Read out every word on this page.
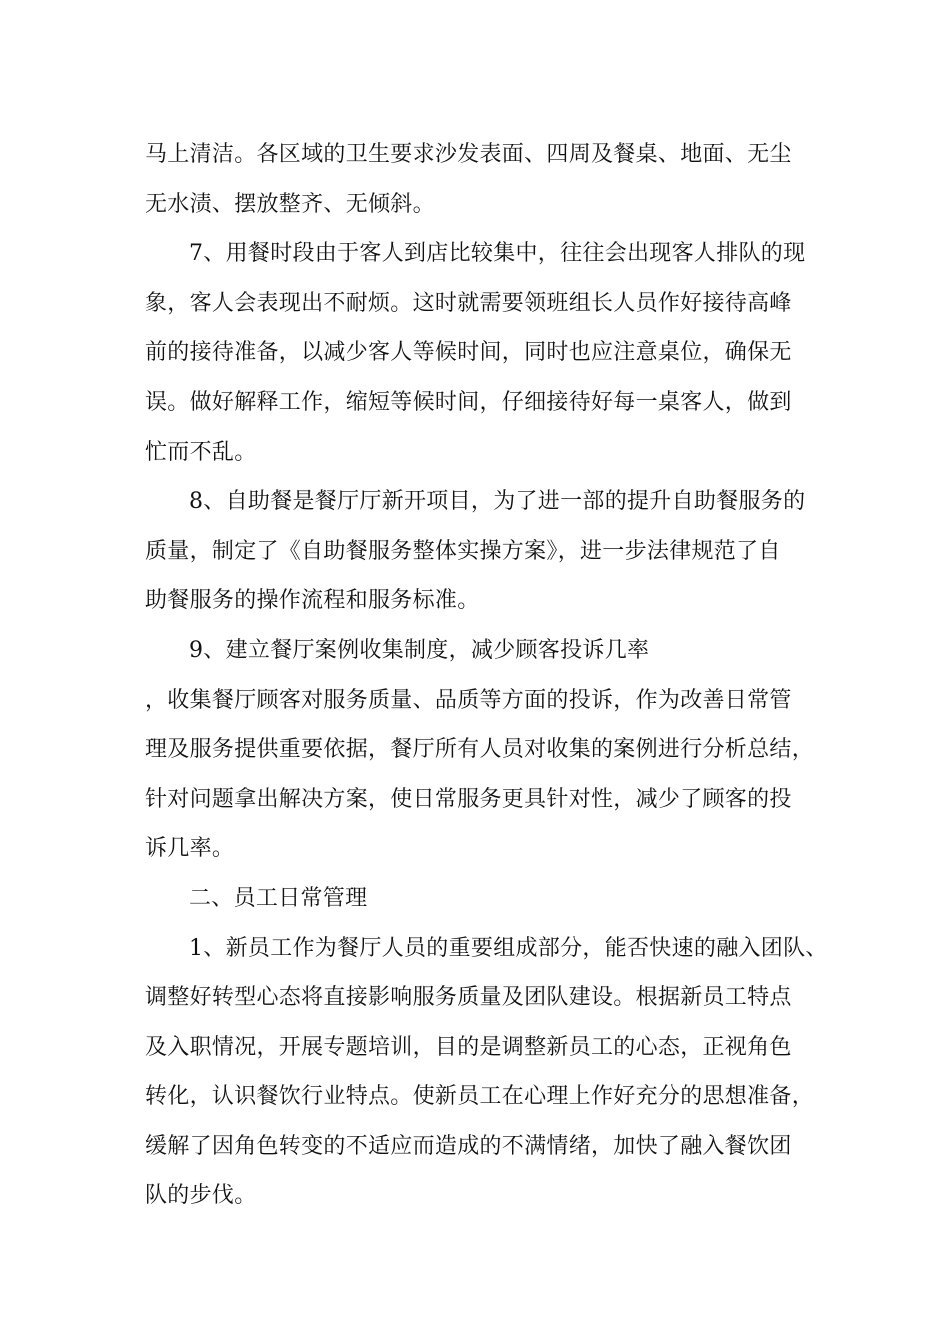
马上清洁。各区域的卫生要求沙发表面、四周及餐桌、地面、无尘
无水渍、摆放整齐、无倾斜。
7、用餐时段由于客人到店比较集中，往往会出现客人排队的现
象，客人会表现出不耐烦。这时就需要领班组长人员作好接待高峰
前的接待准备，以减少客人等候时间，同时也应注意桌位，确保无
误。做好解释工作，缩短等候时间，仔细接待好每一桌客人，做到
忙而不乱。
8、自助餐是餐厅厅新开项目，为了进一部的提升自助餐服务的
质量，制定了《自助餐服务整体实操方案》，进一步法律规范了自
助餐服务的操作流程和服务标准。
9、建立餐厅案例收集制度，减少顾客投诉几率
，收集餐厅顾客对服务质量、品质等方面的投诉，作为改善日常管
理及服务提供重要依据，餐厅所有人员对收集的案例进行分析总结，
针对问题拿出解决方案，使日常服务更具针对性，减少了顾客的投
诉几率。
二、员工日常管理
1、新员工作为餐厅人员的重要组成部分，能否快速的融入团队、
调整好转型心态将直接影响服务质量及团队建设。根据新员工特点
及入职情况，开展专题培训，目的是调整新员工的心态，正视角色
转化，认识餐饮行业特点。使新员工在心理上作好充分的思想准备，
缓解了因角色转变的不适应而造成的不满情绪，加快了融入餐饮团
队的步伐。
